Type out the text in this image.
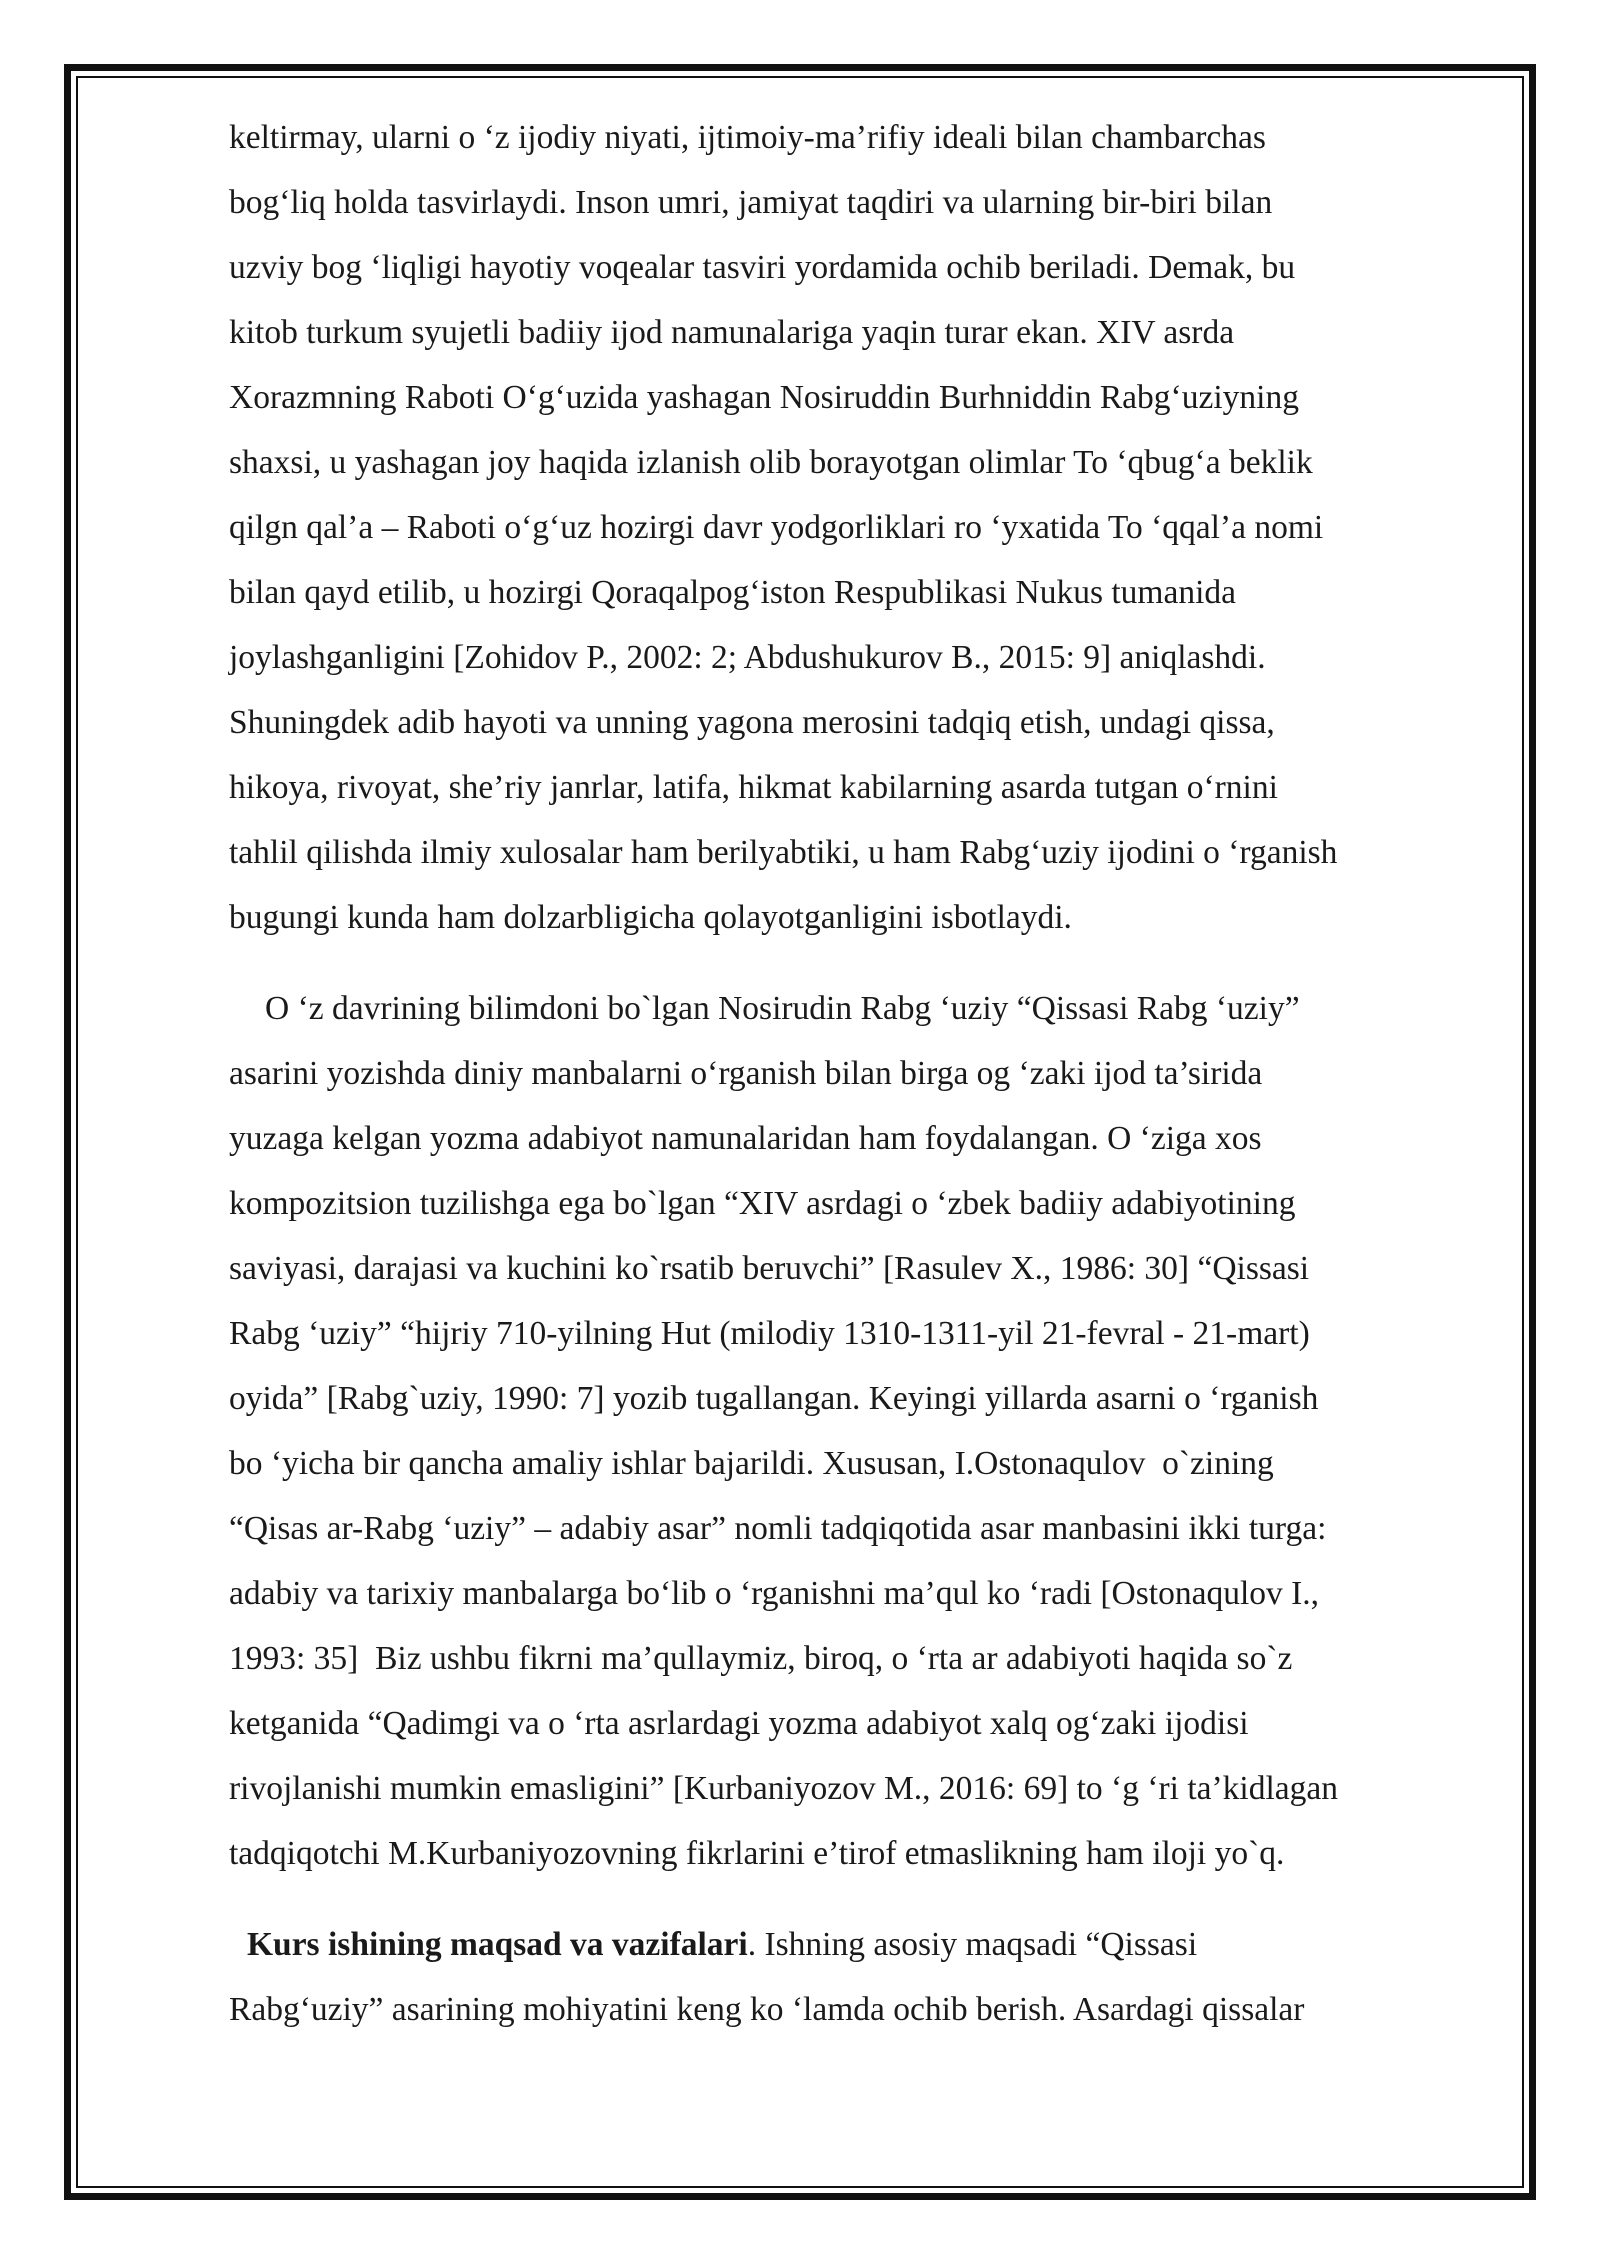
keltirmay, ularni o ‘z ijodiy niyati, ijtimoiy-ma’rifiy ideali bilan chambarchas
bog‘liq holda tasvirlaydi. Inson umri, jamiyat taqdiri va ularning bir-biri bilan
uzviy bog ‘liqligi hayotiy voqealar tasviri yordamida ochib beriladi. Demak, bu
kitob turkum syujetli badiiy ijod namunalariga yaqin turar ekan. XIV asrda
Xorazmning Raboti O‘g‘uzida yashagan Nosiruddin Burhniddin Rabg‘uziyning
shaxsi, u yashagan joy haqida izlanish olib borayotgan olimlar To ‘qbug‘a beklik
qilgn qal’a – Raboti o‘g‘uz hozirgi davr yodgorliklari ro ‘yxatida To ‘qqal’a nomi
bilan qayd etilib, u hozirgi Qoraqalpog‘iston Respublikasi Nukus tumanida
joylashganligini [Zohidov P., 2002: 2; Abdushukurov B., 2015: 9] aniqlashdi.
Shuningdek adib hayoti va unning yagona merosini tadqiq etish, undagi qissa,
hikoya, rivoyat, she’riy janrlar, latifa, hikmat kabilarning asarda tutgan o‘rnini
tahlil qilishda ilmiy xulosalar ham berilyabtiki, u ham Rabg‘uziy ijodini o ‘rganish
bugungi kunda ham dolzarbligicha qolayotganligini isbotlaydi.

O ‘z davrining bilimdoni bo`lgan Nosirudin Rabg ‘uziy “Qissasi Rabg ‘uziy”
asarini yozishda diniy manbalarni o‘rganish bilan birga og ‘zaki ijod ta’sirida
yuzaga kelgan yozma adabiyot namunalaridan ham foydalangan. O ‘ziga xos
kompozitsion tuzilishga ega bo`lgan “XIV asrdagi o ‘zbek badiiy adabiyotining
saviyasi, darajasi va kuchini ko`rsatib beruvchi” [Rasulev X., 1986: 30] “Qissasi
Rabg ‘uziy” “hijriy 710-yilning Hut (milodiy 1310-1311-yil 21-fevral - 21-mart)
oyida” [Rabg`uziy, 1990: 7] yozib tugallangan. Keyingi yillarda asarni o ‘rganish
bo ‘yicha bir qancha amaliy ishlar bajarildi. Xususan, I.Ostonaqulov  o`zining
“Qisas ar-Rabg ‘uziy” – adabiy asar” nomli tadqiqotida asar manbasini ikki turga:
adabiy va tarixiy manbalarga bo‘lib o ‘rganishni ma’qul ko ‘radi [Ostonaqulov I.,
1993: 35]  Biz ushbu fikrni ma’qullaymiz, biroq, o ‘rta ar adabiyoti haqida so`z
ketganida “Qadimgi va o ‘rta asrlardagi yozma adabiyot xalq og‘zaki ijodisi
rivojlanishi mumkin emasligini” [Kurbaniyozov M., 2016: 69] to ‘g ‘ri ta’kidlagan
tadqiqotchi M.Kurbaniyozovning fikrlarini e’tirof etmaslikning ham iloji yo`q.

Kurs ishining maqsad va vazifalari. Ishning asosiy maqsadi “Qissasi
Rabg‘uziy” asarining mohiyatini keng ko ‘lamda ochib berish. Asardagi qissalar
